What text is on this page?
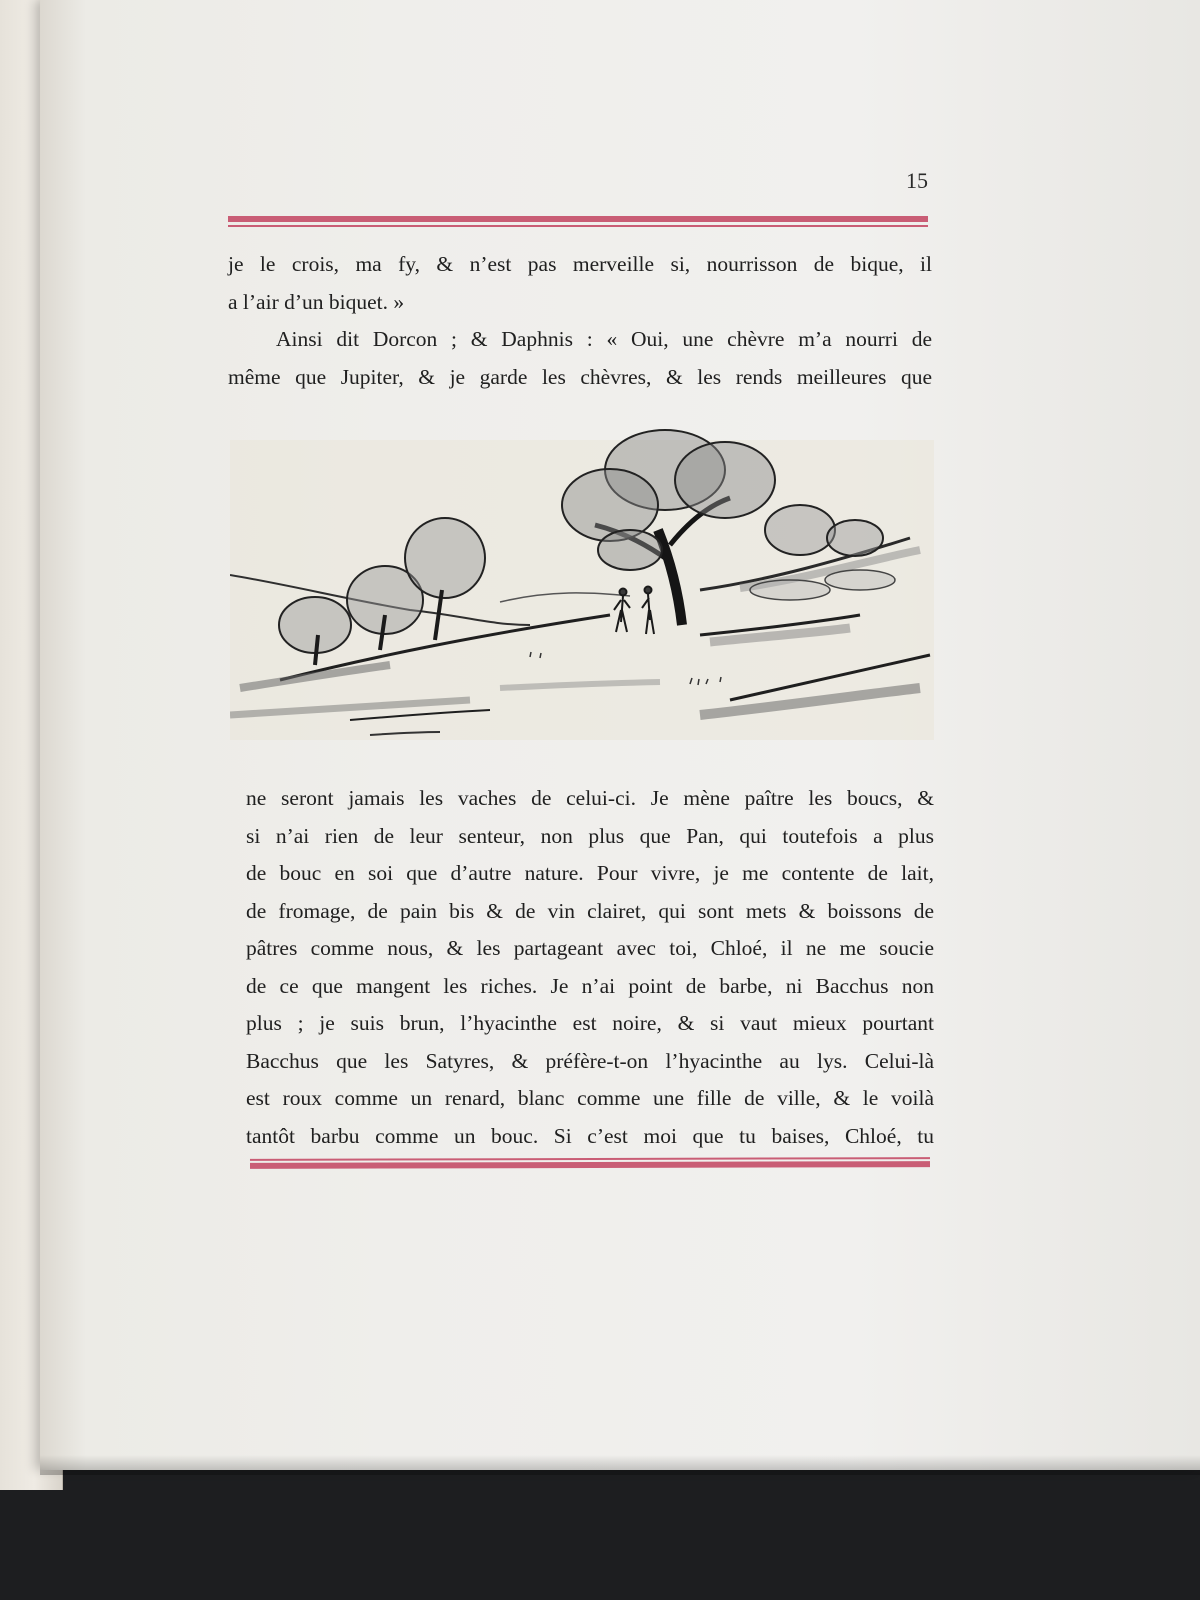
15
je le crois, ma fy, & n’est pas merveille si, nourrisson de bique, il
a l’air d’un biquet. »
Ainsi dit Dorcon ; & Daphnis : « Oui, une chèvre m’a nourri de
même que Jupiter, & je garde les chèvres, & les rends meilleures que
ne seront jamais les vaches de celui-ci. Je mène paître les boucs, &
si n’ai rien de leur senteur, non plus que Pan, qui toutefois a plus
de bouc en soi que d’autre nature. Pour vivre, je me contente de lait,
de fromage, de pain bis & de vin clairet, qui sont mets & boissons de
pâtres comme nous, & les partageant avec toi, Chloé, il ne me soucie
de ce que mangent les riches. Je n’ai point de barbe, ni Bacchus non
plus ; je suis brun, l’hyacinthe est noire, & si vaut mieux pourtant
Bacchus que les Satyres, & préfère-t-on l’hyacinthe au lys. Celui-là
est roux comme un renard, blanc comme une fille de ville, & le voilà
tantôt barbu comme un bouc. Si c’est moi que tu baises, Chloé, tu
